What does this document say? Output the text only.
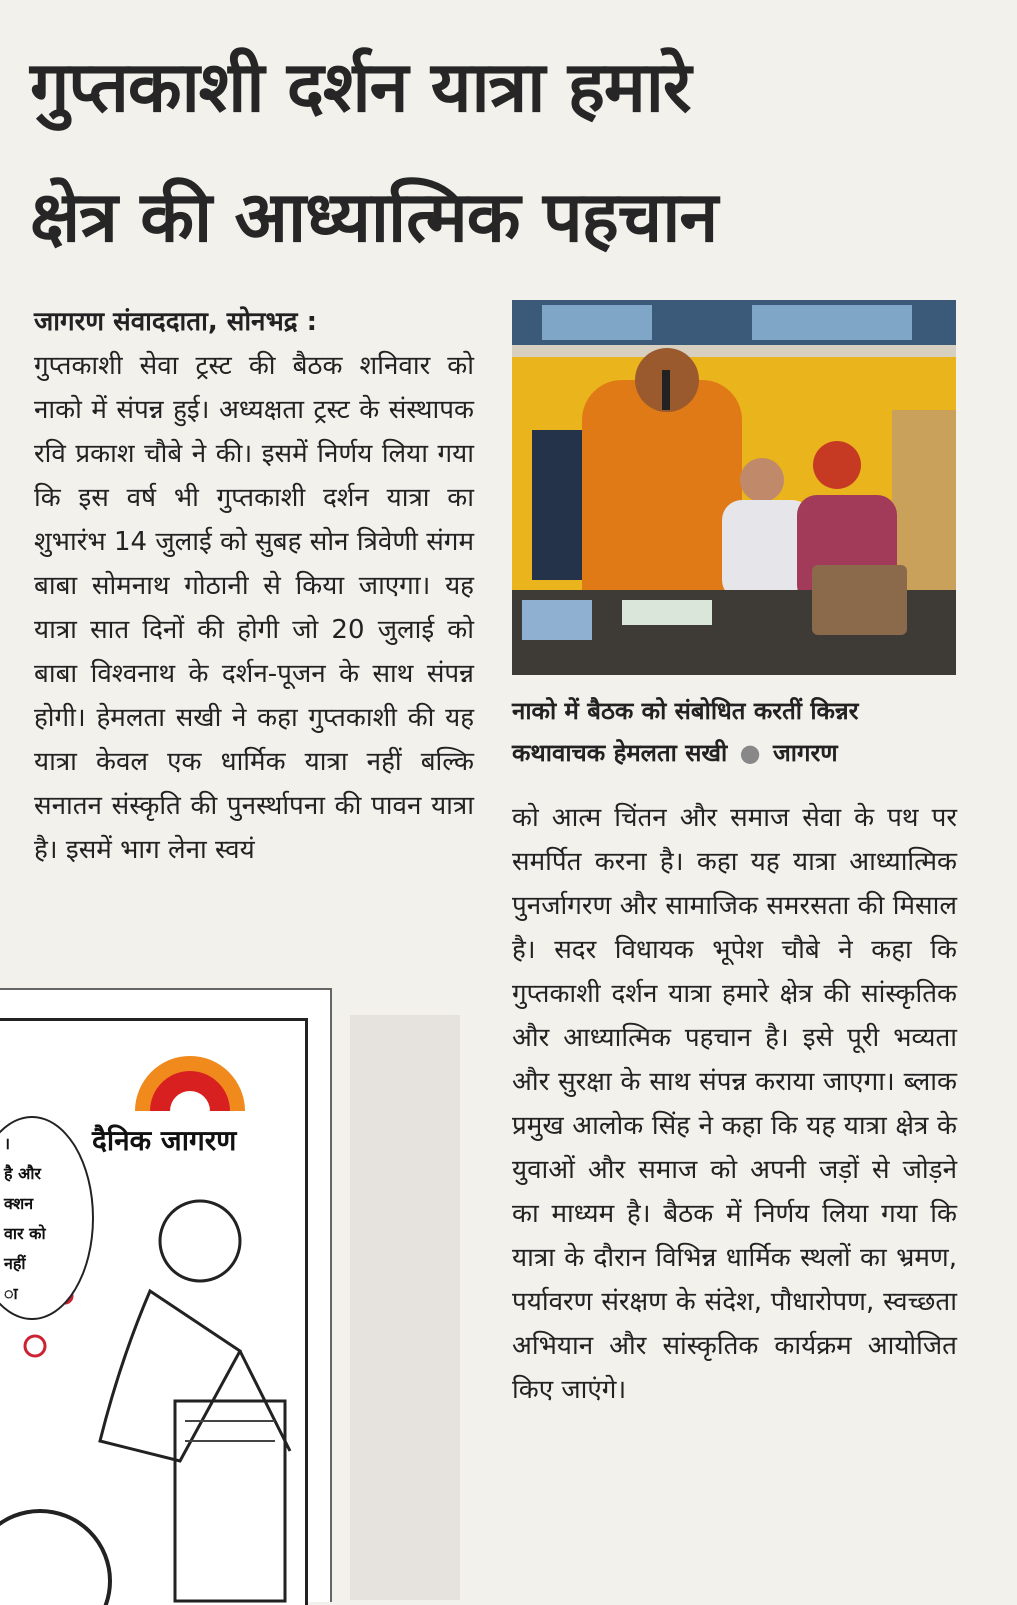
गुप्तकाशी दर्शन यात्रा हमारे
क्षेत्र की आध्यात्मिक पहचान
जागरण संवाददाता, सोनभद्र :
गुप्तकाशी सेवा ट्रस्ट की बैठक शनिवार को नाको में संपन्न हुई। अध्यक्षता ट्रस्ट के संस्थापक रवि प्रकाश चौबे ने की। इसमें निर्णय लिया गया कि इस वर्ष भी गुप्तकाशी दर्शन यात्रा का शुभारंभ 14 जुलाई को सुबह सोन त्रिवेणी संगम बाबा सोमनाथ गोठानी से किया जाएगा। यह यात्रा सात दिनों की होगी जो 20 जुलाई को बाबा विश्वनाथ के दर्शन-पूजन के साथ संपन्न होगी। हेमलता सखी ने कहा गुप्तकाशी की यह यात्रा केवल एक धार्मिक यात्रा नहीं बल्कि सनातन संस्कृति की पुनर्स्थापना की पावन यात्रा है। इसमें भाग लेना स्वयं
नाको में बैठक को संबोधित करतीं किन्नर कथावाचक हेमलता सखी ● जागरण
को आत्म चिंतन और समाज सेवा के पथ पर समर्पित करना है। कहा यह यात्रा आध्यात्मिक पुनर्जागरण और सामाजिक समरसता की मिसाल है। सदर विधायक भूपेश चौबे ने कहा कि गुप्तकाशी दर्शन यात्रा हमारे क्षेत्र की सांस्कृतिक और आध्यात्मिक पहचान है। इसे पूरी भव्यता और सुरक्षा के साथ संपन्न कराया जाएगा। ब्लाक प्रमुख आलोक सिंह ने कहा कि यह यात्रा क्षेत्र के युवाओं और समाज को अपनी जड़ों से जोड़ने का माध्यम है। बैठक में निर्णय लिया गया कि यात्रा के दौरान विभिन्न धार्मिक स्थलों का भ्रमण, पर्यावरण संरक्षण के संदेश, पौधारोपण, स्वच्छता अभियान और सांस्कृतिक कार्यक्रम आयोजित किए जाएंगे।
।
है और
क्शन
वार को
नहीं
ा
दैनिक जागरण
